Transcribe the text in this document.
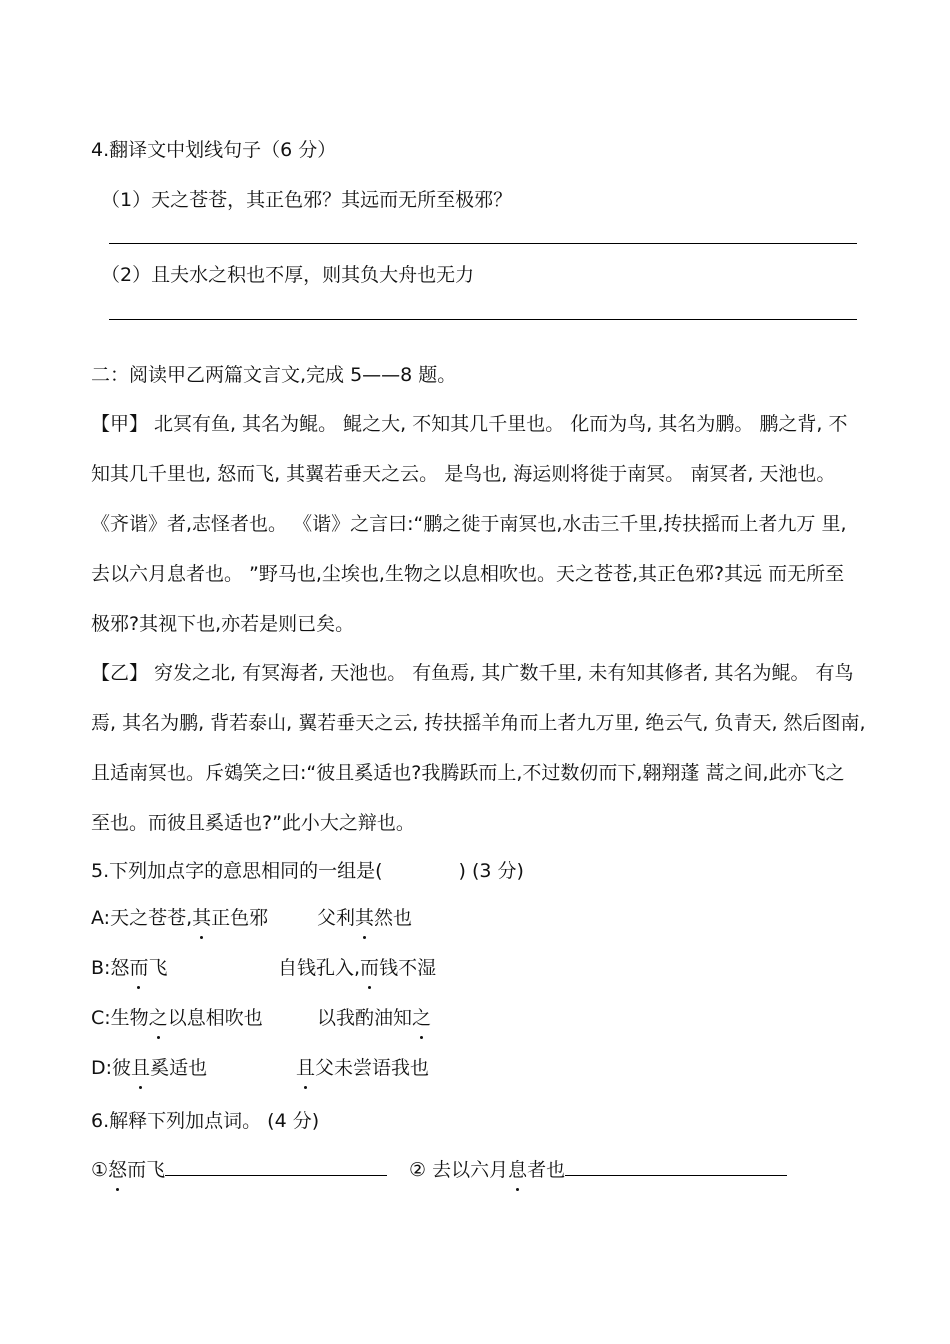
4.翻译文中划线句子（6 分）
（1）天之苍苍，其正色邪？其远而无所至极邪？
（2）且夫水之积也不厚，则其负大舟也无力
二：阅读甲乙两篇文言文,完成 5——8 题。
【甲】 北冥有鱼, 其名为鲲。 鲲之大, 不知其几千里也。 化而为鸟, 其名为鹏。 鹏之背, 不
知其几千里也, 怒而飞, 其翼若垂天之云。 是鸟也, 海运则将徙于南冥。 南冥者, 天池也。
《齐谐》者,志怪者也。 《谐》之言曰:“鹏之徙于南冥也,水击三千里,抟扶摇而上者九万 里,
去以六月息者也。 ”野马也,尘埃也,生物之以息相吹也。天之苍苍,其正色邪?其远 而无所至
极邪?其视下也,亦若是则已矣。
【乙】 穷发之北, 有冥海者, 天池也。 有鱼焉, 其广数千里, 未有知其修者, 其名为鲲。 有鸟
焉, 其名为鹏, 背若泰山, 翼若垂天之云, 抟扶摇羊角而上者九万里, 绝云气, 负青天, 然后图南,
且适南冥也。斥鴳笑之曰:“彼且奚适也?我腾跃而上,不过数仞而下,翱翔蓬 蒿之间,此亦飞之
至也。而彼且奚适也?”此小大之辩也。
5.下列加点字的意思相同的一组是(　　　　) (3 分)
A:天之苍苍,其正色邪	父利其然也
B:怒而飞	自钱孔入,而钱不湿
C:生物之以息相吹也	以我酌油知之
D:彼且奚适也	且父未尝语我也
6.解释下列加点词。 (4 分)
①怒而飞	② 去以六月息者也
